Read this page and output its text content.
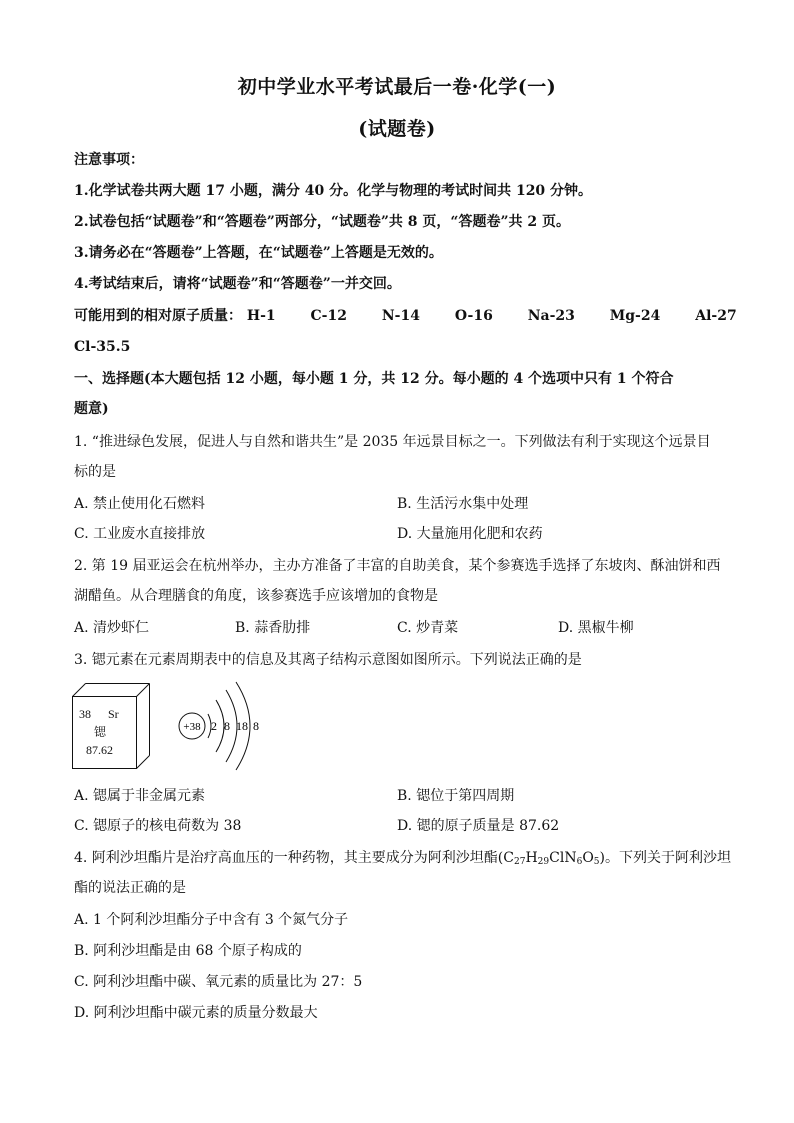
初中学业水平考试最后一卷·化学(一)
(试题卷)
注意事项：
1.化学试卷共两大题 17 小题，满分 40 分。化学与物理的考试时间共 120 分钟。
2.试卷包括“试题卷”和“答题卷”两部分，“试题卷”共 8 页，“答题卷”共 2 页。
3.请务必在“答题卷”上答题，在“试题卷”上答题是无效的。
4.考试结束后，请将“试题卷”和“答题卷”一并交回。
可能用到的相对原子质量： H-1 C-12 N-14 O-16 Na-23 Mg-24 Al-27
Cl-35.5
一、选择题(本大题包括 12 小题，每小题 1 分，共 12 分。每小题的 4 个选项中只有 1 个符合
题意)
1. “推进绿色发展，促进人与自然和谐共生”是 2035 年远景目标之一。下列做法有利于实现这个远景目
标的是
A. 禁止使用化石燃料	B. 生活污水集中处理
C. 工业废水直接排放	D. 大量施用化肥和农药
2. 第 19 届亚运会在杭州举办，主办方准备了丰富的自助美食，某个参赛选手选择了东坡肉、酥油饼和西
湖醋鱼。从合理膳食的角度，该参赛选手应该增加的食物是
A. 清炒虾仁	B. 蒜香肋排	C. 炒青菜	D. 黑椒牛柳
3. 锶元素在元素周期表中的信息及其离子结构示意图如图所示。下列说法正确的是
38 Sr
锶
87.62
+38 2 8 18 8
A. 锶属于非金属元素	B. 锶位于第四周期
C. 锶原子的核电荷数为 38	D. 锶的原子质量是 87.62
4. 阿利沙坦酯片是治疗高血压的一种药物，其主要成分为阿利沙坦酯$(C_{27}H_{29}ClN_6O_5)$。下列关于阿利沙坦
酯的说法正确的是
A. 1 个阿利沙坦酯分子中含有 3 个氮气分子
B. 阿利沙坦酯是由 68 个原子构成的
C. 阿利沙坦酯中碳、氧元素的质量比为 27：5
D. 阿利沙坦酯中碳元素的质量分数最大
